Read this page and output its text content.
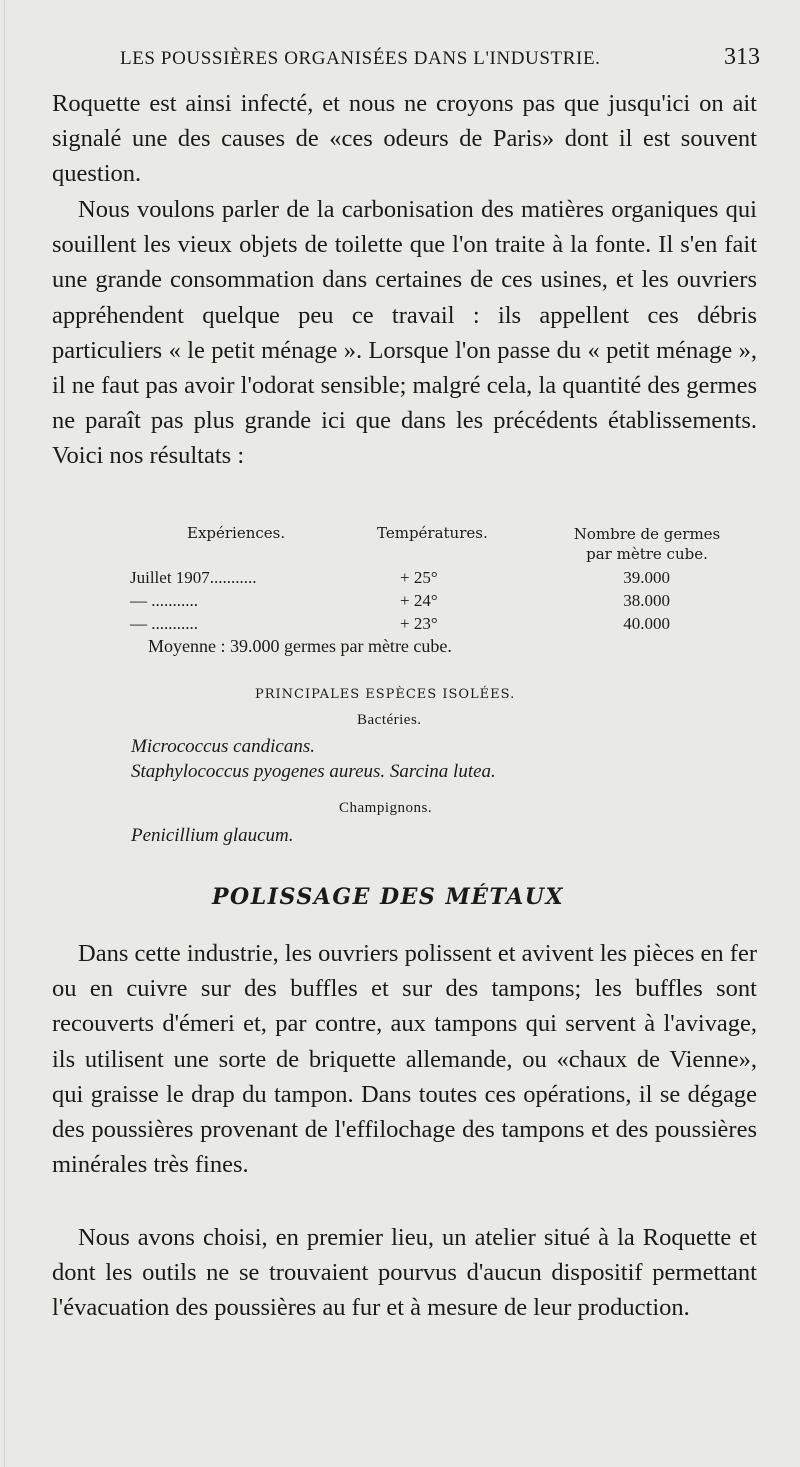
LES POUSSIÈRES ORGANISÉES DANS L'INDUSTRIE.	313

Roquette est ainsi infecté, et nous ne croyons pas que jusqu'ici on ait signalé une des causes de «ces odeurs de Paris» dont il est souvent question.

Nous voulons parler de la carbonisation des matières organiques qui souillent les vieux objets de toilette que l'on traite à la fonte. Il s'en fait une grande consommation dans certaines de ces usines, et les ouvriers appréhendent quelque peu ce travail : ils appellent ces débris particuliers « le petit ménage ». Lorsque l'on passe du « petit ménage », il ne faut pas avoir l'odorat sensible; malgré cela, la quantité des germes ne paraît pas plus grande ici que dans les précédents établissements. Voici nos résultats :

Expériences.	Températures.	Nombre de germes
par mètre cube.
Juillet 1907...........	+ 25°	39.000
— ...........	+ 24°	38.000
— ...........	+ 23°	40.000
Moyenne : 39.000 germes par mètre cube.
PRINCIPALES ESPÈCES ISOLÉES.
Bactéries.
Micrococcus candicans.
Staphylococcus pyogenes aureus. Sarcina lutea.
Champignons.
Penicillium glaucum.
POLISSAGE DES MÉTAUX

Dans cette industrie, les ouvriers polissent et avivent les pièces en fer ou en cuivre sur des buffles et sur des tampons; les buffles sont recouverts d'émeri et, par contre, aux tampons qui servent à l'avivage, ils utilisent une sorte de briquette allemande, ou «chaux de Vienne», qui graisse le drap du tampon. Dans toutes ces opérations, il se dégage des poussières provenant de l'effilochage des tampons et des poussières minérales très fines.

Nous avons choisi, en premier lieu, un atelier situé à la Roquette et dont les outils ne se trouvaient pourvus d'aucun dispositif permettant l'évacuation des poussières au fur et à mesure de leur production.
